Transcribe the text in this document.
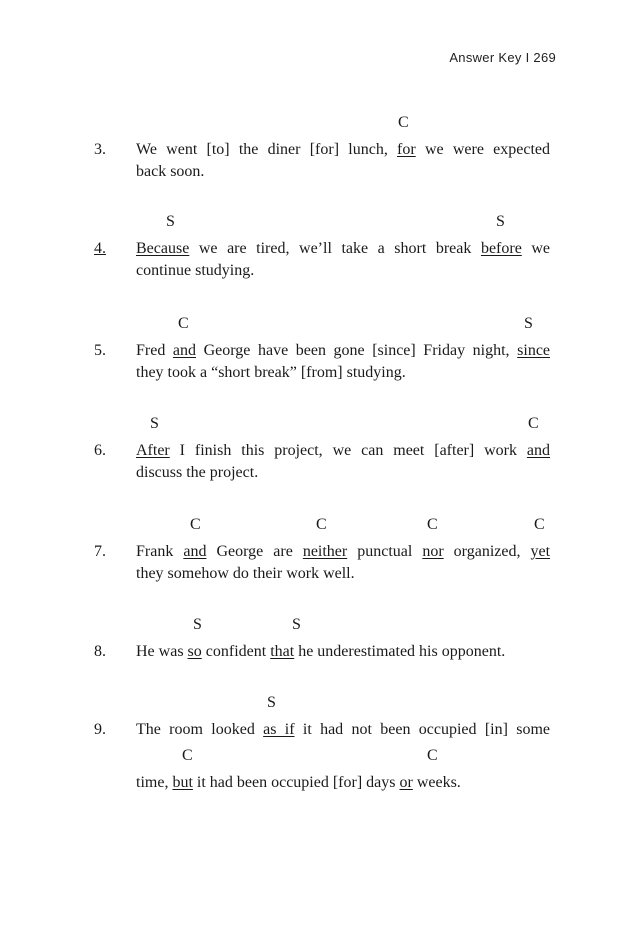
Answer Key I 269
C
3. We went [to] the diner [for] lunch, for we were expected
back soon.
S	S
4. Because we are tired, we’ll take a short break before we
continue studying.
C	S
5. Fred and George have been gone [since] Friday night, since
they took a “short break” [from] studying.
S	C
6. After I finish this project, we can meet [after] work and
discuss the project.
C	C	C	C
7. Frank and George are neither punctual nor organized, yet
they somehow do their work well.
S	S
8. He was so confident that he underestimated his opponent.
S
9. The room looked as if it had not been occupied [in] some
C	C
time, but it had been occupied [for] days or weeks.
